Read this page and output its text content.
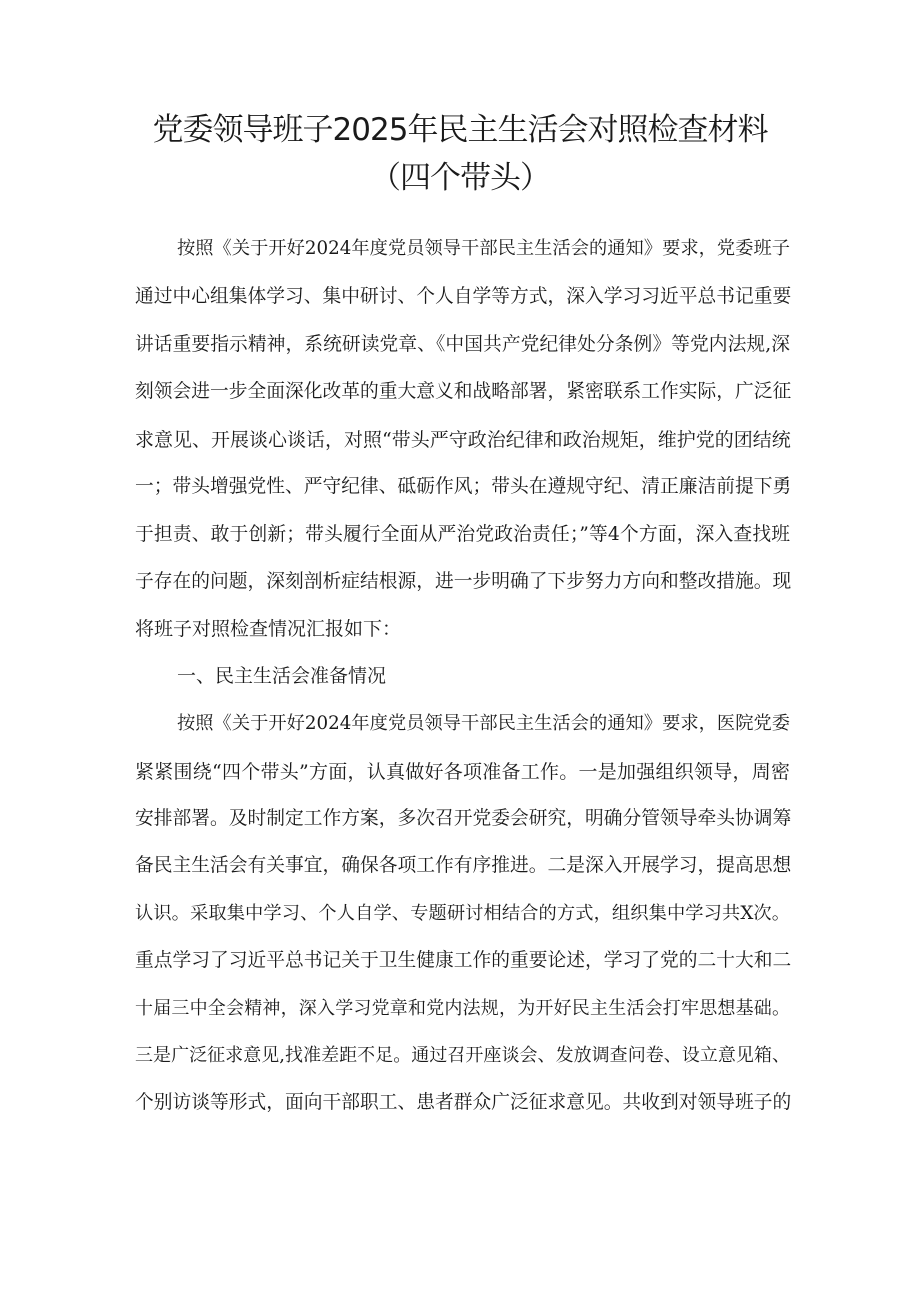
党委领导班子2025年民主生活会对照检查材料
（四个带头）
按照《关于开好2024年度党员领导干部民主生活会的通知》要求，党委班子
通过中心组集体学习、集中研讨、个人自学等方式，深入学习习近平总书记重要
讲话重要指示精神，系统研读党章、《中国共产党纪律处分条例》等党内法规,深
刻领会进一步全面深化改革的重大意义和战略部署，紧密联系工作实际，广泛征
求意见、开展谈心谈话，对照“带头严守政治纪律和政治规矩，维护党的团结统
一；带头增强党性、严守纪律、砥砺作风；带头在遵规守纪、清正廉洁前提下勇
于担责、敢于创新；带头履行全面从严治党政治责任；”等4个方面，深入查找班
子存在的问题，深刻剖析症结根源，进一步明确了下步努力方向和整改措施。现
将班子对照检查情况汇报如下：
一、民主生活会准备情况
按照《关于开好2024年度党员领导干部民主生活会的通知》要求，医院党委
紧紧围绕“四个带头”方面，认真做好各项准备工作。一是加强组织领导，周密
安排部署。及时制定工作方案，多次召开党委会研究，明确分管领导牵头协调筹
备民主生活会有关事宜，确保各项工作有序推进。二是深入开展学习，提高思想
认识。采取集中学习、个人自学、专题研讨相结合的方式，组织集中学习共X次。
重点学习了习近平总书记关于卫生健康工作的重要论述，学习了党的二十大和二
十届三中全会精神，深入学习党章和党内法规，为开好民主生活会打牢思想基础。
三是广泛征求意见,找准差距不足。通过召开座谈会、发放调查问卷、设立意见箱、
个别访谈等形式，面向干部职工、患者群众广泛征求意见。共收到对领导班子的
